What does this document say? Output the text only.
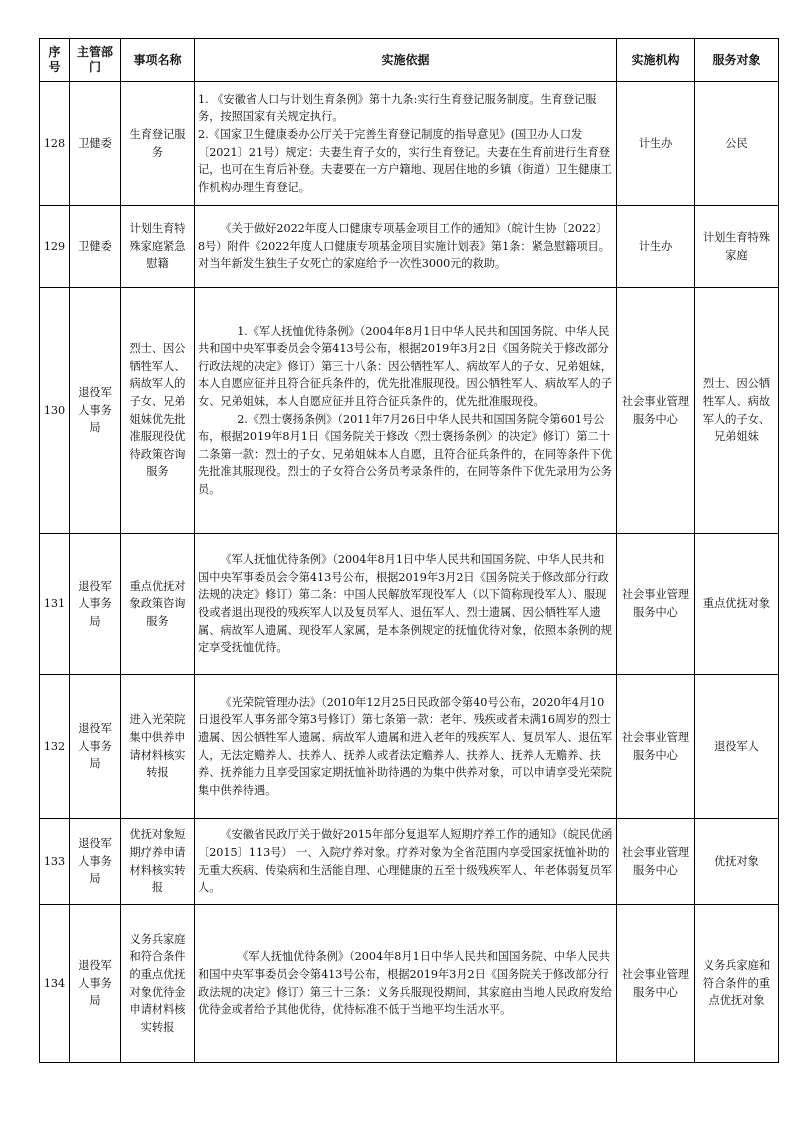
序号	主管部门	事项名称	实施依据	实施机构	服务对象
128	卫健委	生育登记服务	1. 《安徽省人口与计划生育条例》第十九条:实行生育登记服务制度。生育登记服务，按照国家有关规定执行。

2.《国家卫生健康委办公厅关于完善生育登记制度的指导意见》(国卫办人口发〔2021〕21号）规定：夫妻生育子女的，实行生育登记。夫妻在生育前进行生育登记，也可在生育后补登。夫妻要在一方户籍地、现居住地的乡镇（街道）卫生健康工作机构办理生育登记。	计生办	公民
129	卫健委	计划生育特殊家庭紧急慰籍	《关于做好2022年度人口健康专项基金项目工作的通知》（皖计生协〔2022〕8号）附件《2022年度人口健康专项基金项目实施计划表》第1条：紧急慰籍项目。对当年新发生独生子女死亡的家庭给予一次性3000元的救助。	计生办	计划生育特殊家庭
130	退役军人事务局	烈士、因公牺牲军人、病故军人的子女、兄弟姐妹优先批准服现役优待政策咨询服务	1.《军人抚恤优待条例》（2004年8月1日中华人民共和国国务院、中华人民共和国中央军事委员会令第413号公布，根据2019年3月2日《国务院关于修改部分行政法规的决定》修订）第三十八条：因公牺牲军人、病故军人的子女、兄弟姐妹，本人自愿应征并且符合征兵条件的，优先批准服现役。因公牺牲军人、病故军人的子女、兄弟姐妹，本人自愿应征并且符合征兵条件的，优先批准服现役。

2.《烈士褒扬条例》（2011年7月26日中华人民共和国国务院令第601号公布，根据2019年8月1日《国务院关于修改〈烈士褒扬条例〉的决定》修订）第二十二条第一款：烈士的子女、兄弟姐妹本人自愿，且符合征兵条件的，在同等条件下优先批准其服现役。烈士的子女符合公务员考录条件的，在同等条件下优先录用为公务员。	社会事业管理服务中心	烈士、因公牺牲军人、病故军人的子女、兄弟姐妹
131	退役军人事务局	重点优抚对象政策咨询服务	《军人抚恤优待条例》（2004年8月1日中华人民共和国国务院、中华人民共和国中央军事委员会令第413号公布，根据2019年3月2日《国务院关于修改部分行政法规的决定》修订）第二条：中国人民解放军现役军人（以下简称现役军人）、服现役或者退出现役的残疾军人以及复员军人、退伍军人、烈士遗属、因公牺牲军人遗属、病故军人遗属、现役军人家属，是本条例规定的抚恤优待对象，依照本条例的规定享受抚恤优待。	社会事业管理服务中心	重点优抚对象
132	退役军人事务局	进入光荣院集中供养申请材料核实转报	《光荣院管理办法》（2010年12月25日民政部令第40号公布，2020年4月10日退役军人事务部令第3号修订）第七条第一款：老年、残疾或者未满16周岁的烈士遗属、因公牺牲军人遗属、病故军人遗属和进入老年的残疾军人、复员军人、退伍军人，无法定赡养人、扶养人、抚养人或者法定赡养人、扶养人、抚养人无赡养、扶养、抚养能力且享受国家定期抚恤补助待遇的为集中供养对象，可以申请享受光荣院集中供养待遇。	社会事业管理服务中心	退役军人
133	退役军人事务局	优抚对象短期疗养申请材料核实转报	《安徽省民政厅关于做好2015年部分复退军人短期疗养工作的通知》（皖民优函〔2015〕113号） 一、入院疗养对象。疗养对象为全省范围内享受国家抚恤补助的无重大疾病、传染病和生活能自理、心理健康的五至十级残疾军人、年老体弱复员军人。	社会事业管理服务中心	优抚对象
134	退役军人事务局	义务兵家庭和符合条件的重点优抚对象优待金申请材料核实转报	《军人抚恤优待条例》（2004年8月1日中华人民共和国国务院、中华人民共和国中央军事委员会令第413号公布，根据2019年3月2日《国务院关于修改部分行政法规的决定》修订）第三十三条：义务兵服现役期间，其家庭由当地人民政府发给优待金或者给予其他优待，优待标准不低于当地平均生活水平。	社会事业管理服务中心	义务兵家庭和符合条件的重点优抚对象
